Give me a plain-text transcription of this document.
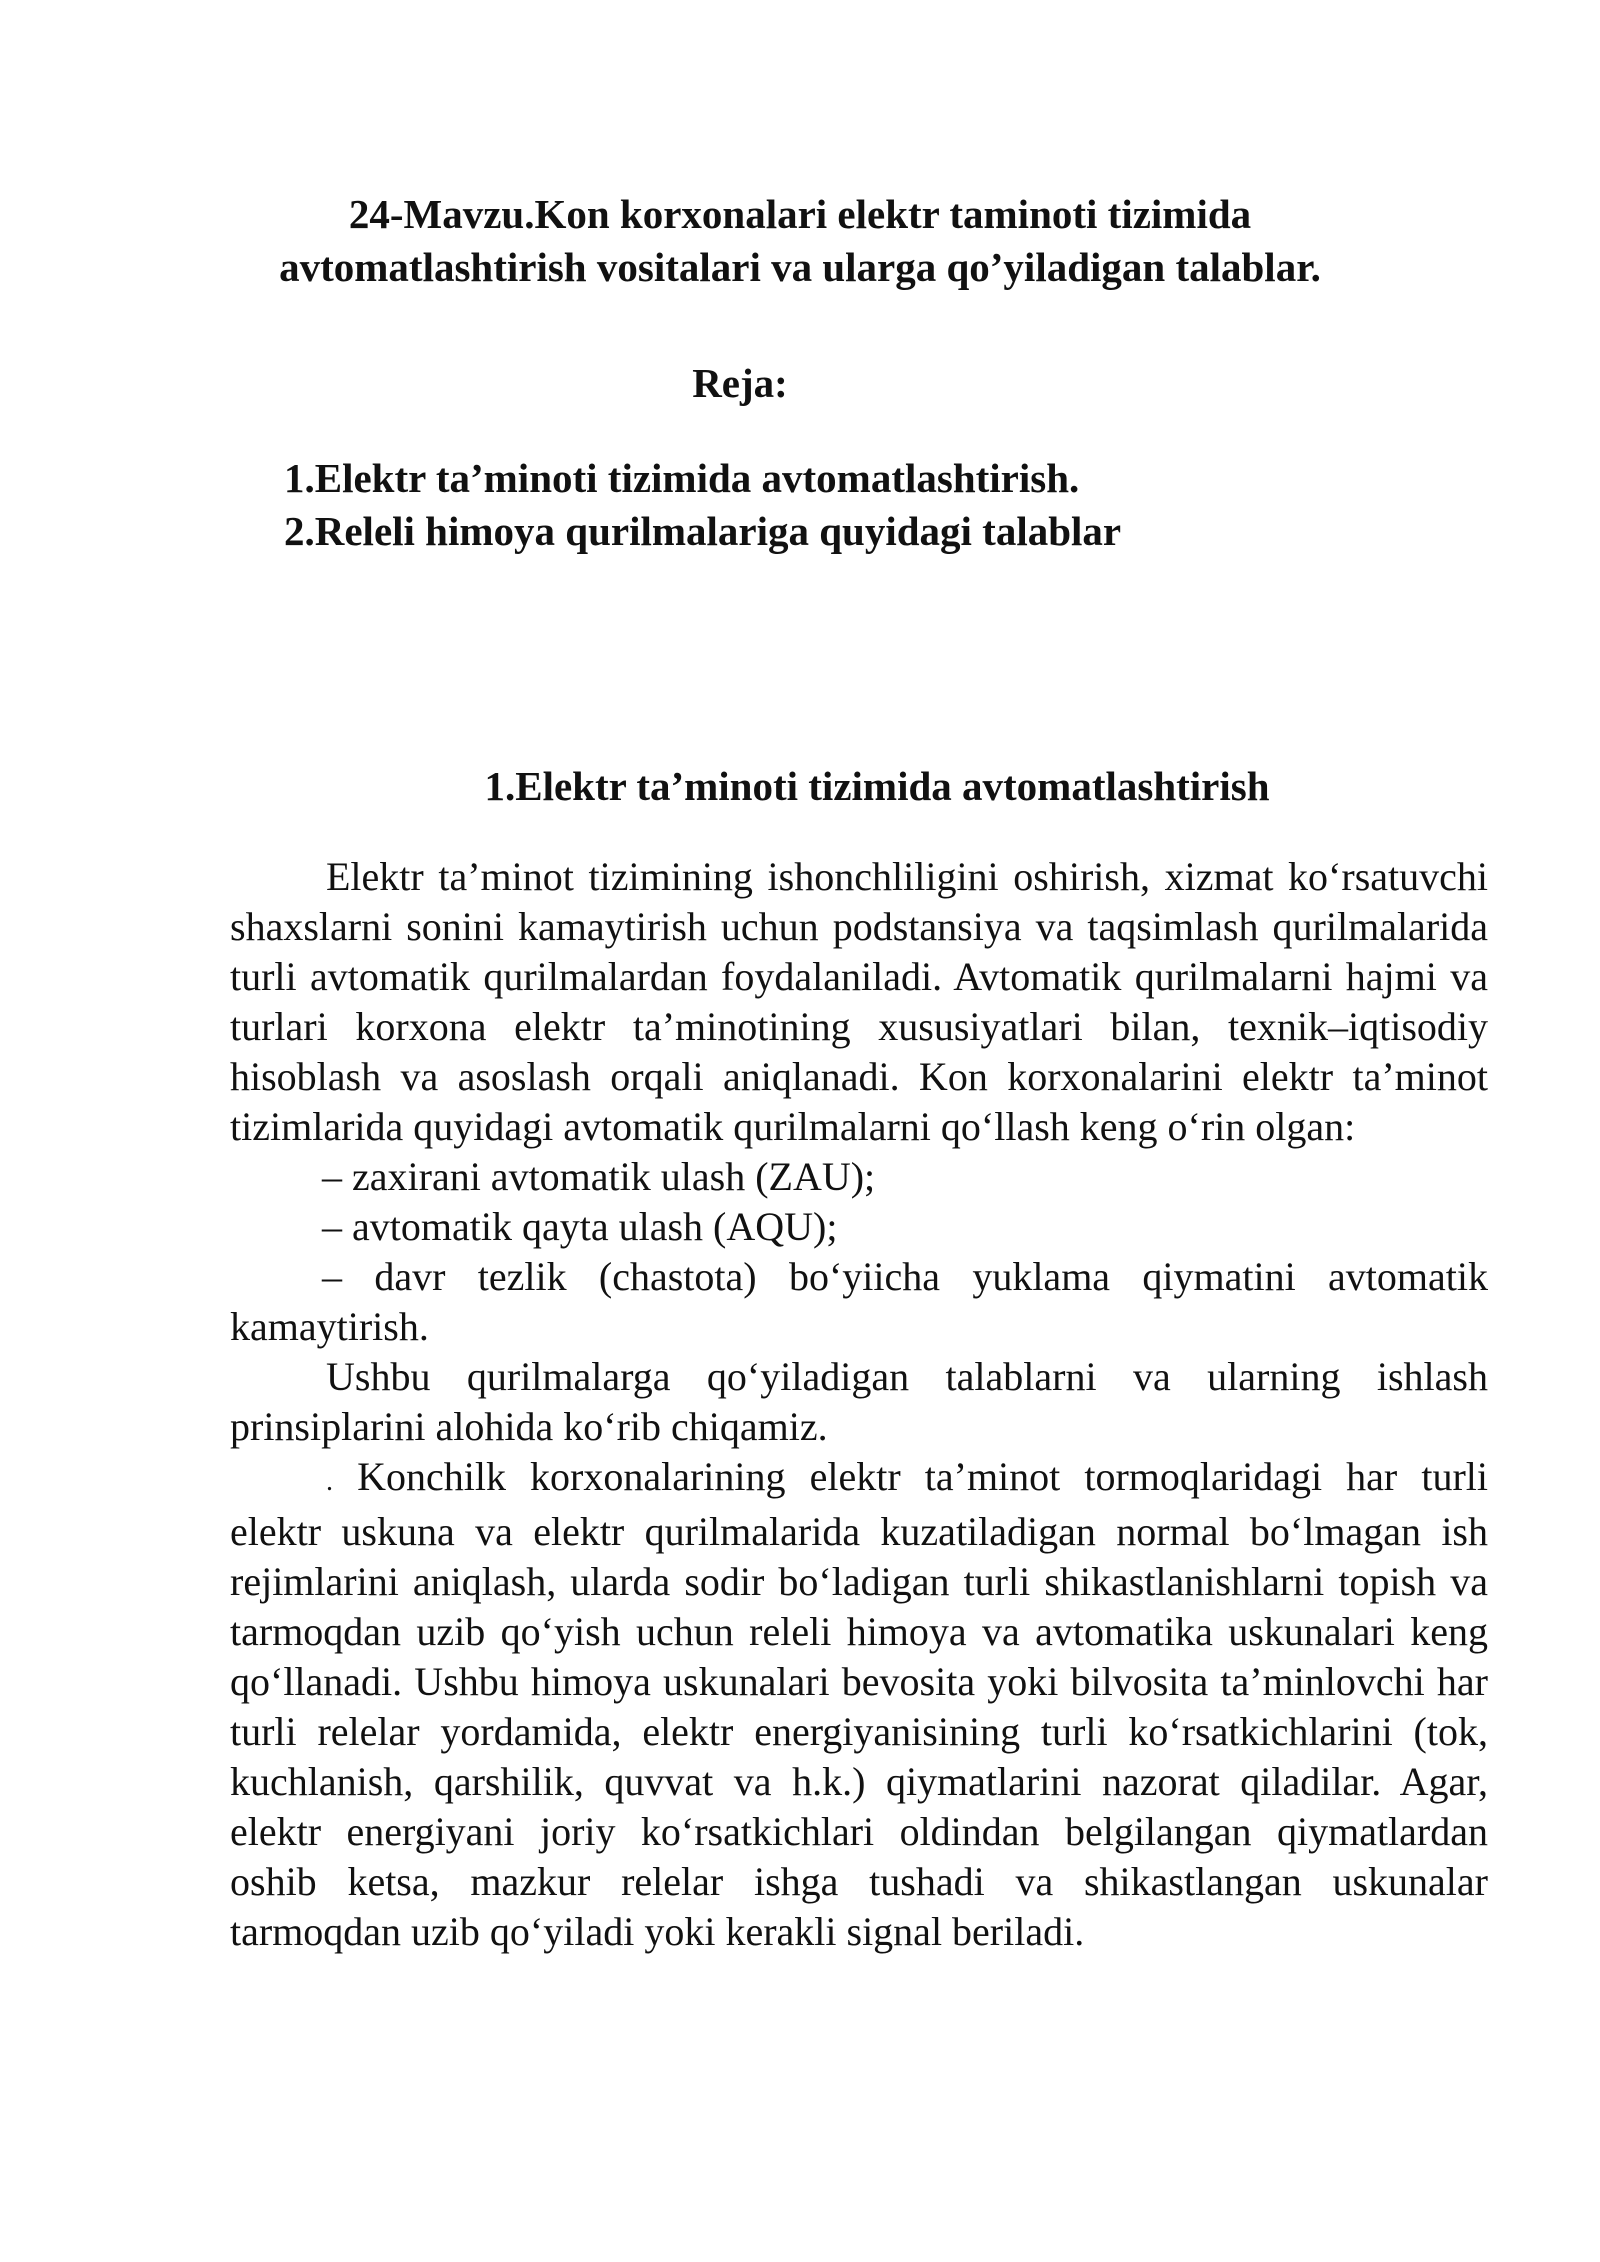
24-Mavzu.Kon korxonalari elektr taminoti tizimida
avtomatlashtirish vositalari va ularga qo’yiladigan talablar.
Reja:
1.Elektr ta’minoti tizimida avtomatlashtirish.
2.Releli himoya qurilmalariga quyidagi talablar
1.Elektr ta’minoti tizimida avtomatlashtirish

Elektr ta’minot tizimining ishonchliligini oshirish, xizmat ko‘rsatuvchi shaxslarni sonini kamaytirish uchun podstansiya va taqsimlash qurilmalarida turli avtomatik qurilmalardan foydalaniladi. Avtomatik qurilmalarni hajmi va turlari korxona elektr ta’minotining xususiyatlari bilan, texnik–iqtisodiy hisoblash va asoslash orqali aniqlanadi. Kon korxonalarini elektr ta’minot tizimlarida quyidagi avtomatik qurilmalarni qo‘llash keng o‘rin olgan:

– zaxirani avtomatik ulash (ZAU);

– avtomatik qayta ulash (AQU);

– davr tezlik (chastota) bo‘yiicha yuklama qiymatini avtomatik kamaytirish.

Ushbu qurilmalarga qo‘yiladigan talablarni va ularning ishlash prinsiplarini alohida ko‘rib chiqamiz.

. Konchilk korxonalarining elektr ta’minot tormoqlaridagi har turli elektr uskuna va elektr qurilmalarida kuzatiladigan normal bo‘lmagan ish rejimlarini aniqlash, ularda sodir bo‘ladigan turli shikastlanishlarni topish va tarmoqdan uzib qo‘yish uchun releli himoya va avtomatika uskunalari keng qo‘llanadi. Ushbu himoya uskunalari bevosita yoki bilvosita ta’minlovchi har turli relelar yordamida, elektr energiyanisining turli ko‘rsatkichlarini (tok, kuchlanish, qarshilik, quvvat va h.k.) qiymatlarini nazorat qiladilar. Agar, elektr energiyani joriy ko‘rsatkichlari oldindan belgilangan qiymatlardan oshib ketsa, mazkur relelar ishga tushadi va shikastlangan uskunalar tarmoqdan uzib qo‘yiladi yoki kerakli signal beriladi.
